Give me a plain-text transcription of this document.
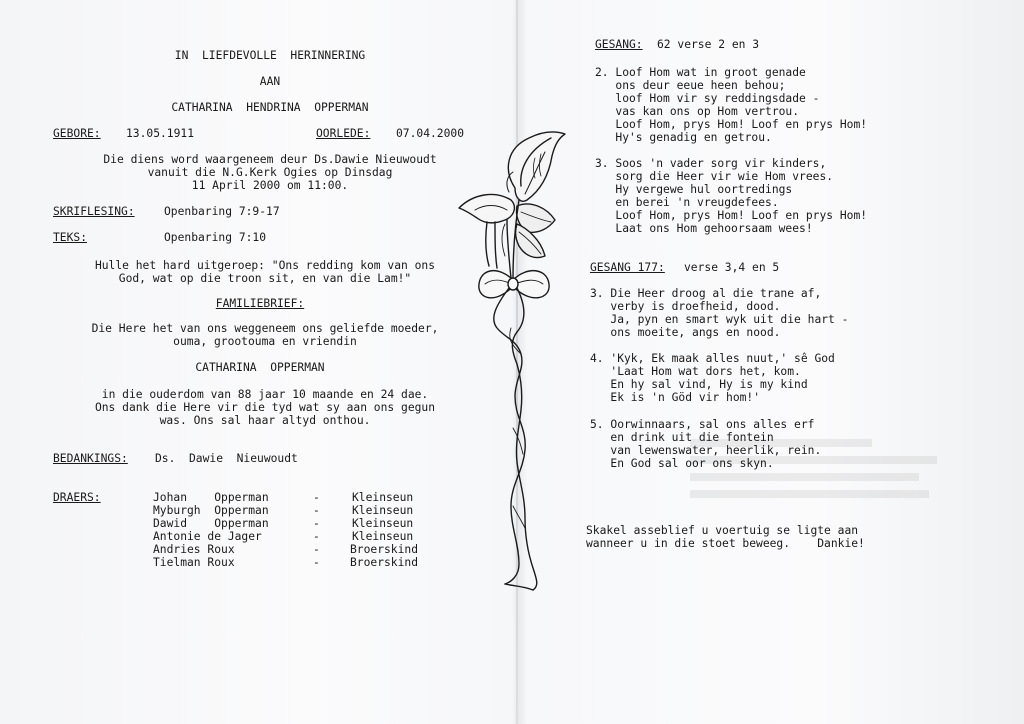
IN  LIEFDEVOLLE  HERINNERING
AAN
CATHARINA  HENDRINA  OPPERMAN
GEBORE: 13.05.1911	OORLEDE: 07.04.2000
Die diens word waargeneem deur Ds.Dawie Nieuwoudt
vanuit die N.G.Kerk Ogies op Dinsdag
11 April 2000 om 11:00.
SKRIFLESING:	Openbaring 7:9-17
TEKS:	Openbaring 7:10
Hulle het hard uitgeroep: "Ons redding kom van ons
God, wat op die troon sit, en van die Lam!"
FAMILIEBRIEF:
Die Here het van ons weggeneem ons geliefde moeder,
ouma, grootouma en vriendin
CATHARINA  OPPERMAN
in die ouderdom van 88 jaar 10 maande en 24 dae.
Ons dank die Here vir die tyd wat sy aan ons gegun
was. Ons sal haar altyd onthou.
BEDANKINGS: Ds.  Dawie  Nieuwoudt
DRAERS:	Johan    Opperman	-	Kleinseun
Myburgh  Opperman	-	Kleinseun
Dawid    Opperman	-	Kleinseun
Antonie de Jager	-	Kleinseun
Andries Roux	-	Broerskind
Tielman Roux	-	Broerskind
GESANG: 62 verse 2 en 3
2. Loof Hom wat in groot genade
ons deur eeue heen behou;
loof Hom vir sy reddingsdade -
vas kan ons op Hom vertrou.
Loof Hom, prys Hom! Loof en prys Hom!
Hy's genadig en getrou.
3. Soos 'n vader sorg vir kinders,
sorg die Heer vir wie Hom vrees.
Hy vergewe hul oortredings
en berei 'n vreugdefees.
Loof Hom, prys Hom! Loof en prys Hom!
Laat ons Hom gehoorsaam wees!
GESANG 177: verse 3,4 en 5
3. Die Heer droog al die trane af,
verby is droefheid, dood.
Ja, pyn en smart wyk uit die hart -
ons moeite, angs en nood.
4. 'Kyk, Ek maak alles nuut,' sê God
'Laat Hom wat dors het, kom.
En hy sal vind, Hy is my kind
Ek is 'n Göd vir hom!'
5. Oorwinnaars, sal ons alles erf
en drink uit die fontein
van lewenswater, heerlik, rein.
En God sal oor ons skyn.
Skakel asseblief u voertuig se ligte aan
wanneer u in die stoet beweeg.    Dankie!
